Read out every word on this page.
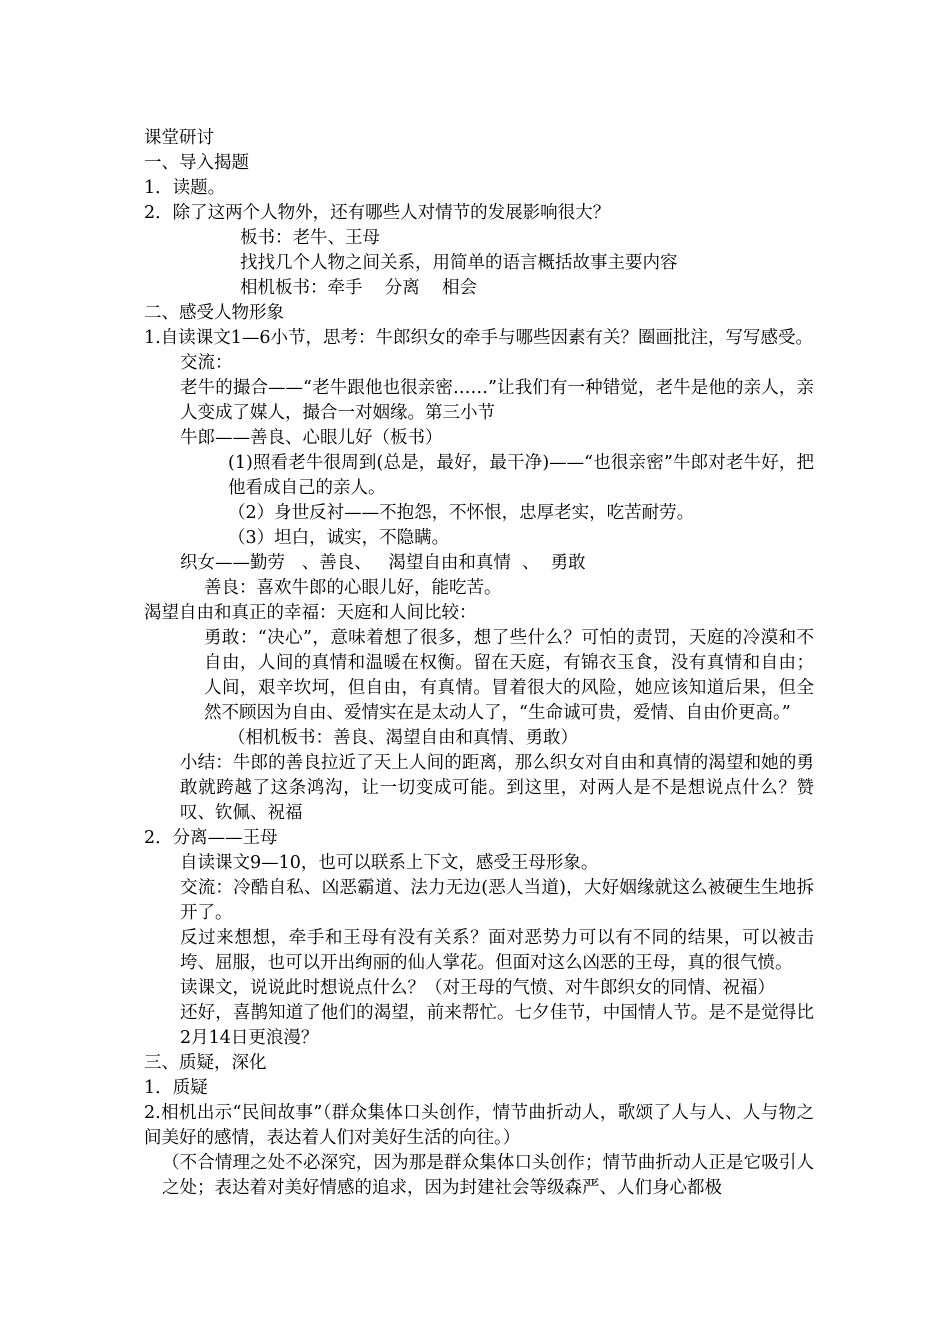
课堂研讨

一、导入揭题

1．读题。

2．除了这两个人物外，还有哪些人对情节的发展影响很大？

板书：老牛、王母

找找几个人物之间关系，用简单的语言概括故事主要内容

相机板书：牵手    分离    相会

二、感受人物形象

1.自读课文1—6小节，思考：牛郎织女的牵手与哪些因素有关？圈画批注，写写感受。

交流：

老牛的撮合——“老牛跟他也很亲密……”让我们有一种错觉，老牛是他的亲人，亲人变成了媒人，撮合一对姻缘。第三小节

牛郎——善良、心眼儿好（板书）

(1)照看老牛很周到(总是，最好，最干净)——“也很亲密”牛郎对老牛好，把他看成自己的亲人。

（2）身世反衬——不抱怨，不怀恨，忠厚老实，吃苦耐劳。

（3）坦白，诚实，不隐瞒。

织女——勤劳   、善良、   渴望自由和真情  、  勇敢

善良：喜欢牛郎的心眼儿好，能吃苦。

渴望自由和真正的幸福：天庭和人间比较：

勇敢：“决心”，意味着想了很多，想了些什么？可怕的责罚，天庭的冷漠和不自由，人间的真情和温暖在权衡。留在天庭，有锦衣玉食，没有真情和自由；人间，艰辛坎坷，但自由，有真情。冒着很大的风险，她应该知道后果，但全然不顾因为自由、爱情实在是太动人了，“生命诚可贵，爱情、自由价更高。”

（相机板书：善良、渴望自由和真情、勇敢）

小结：牛郎的善良拉近了天上人间的距离，那么织女对自由和真情的渴望和她的勇敢就跨越了这条鸿沟，让一切变成可能。到这里，对两人是不是想说点什么？赞叹、钦佩、祝福

2．分离——王母

自读课文9—10，也可以联系上下文，感受王母形象。

交流：冷酷自私、凶恶霸道、法力无边(恶人当道)，大好姻缘就这么被硬生生地拆开了。

反过来想想，牵手和王母有没有关系？面对恶势力可以有不同的结果，可以被击垮、屈服，也可以开出绚丽的仙人掌花。但面对这么凶恶的王母，真的很气愤。

读课文，说说此时想说点什么？（对王母的气愤、对牛郎织女的同情、祝福）

还好，喜鹊知道了他们的渴望，前来帮忙。七夕佳节，中国情人节。是不是觉得比2月14日更浪漫？

三、质疑，深化

1．质疑

2.相机出示“民间故事”（群众集体口头创作，情节曲折动人，歌颂了人与人、人与物之间美好的感情，表达着人们对美好生活的向往。）

（不合情理之处不必深究，因为那是群众集体口头创作；情节曲折动人正是它吸引人之处；表达着对美好情感的追求，因为封建社会等级森严、人们身心都极
